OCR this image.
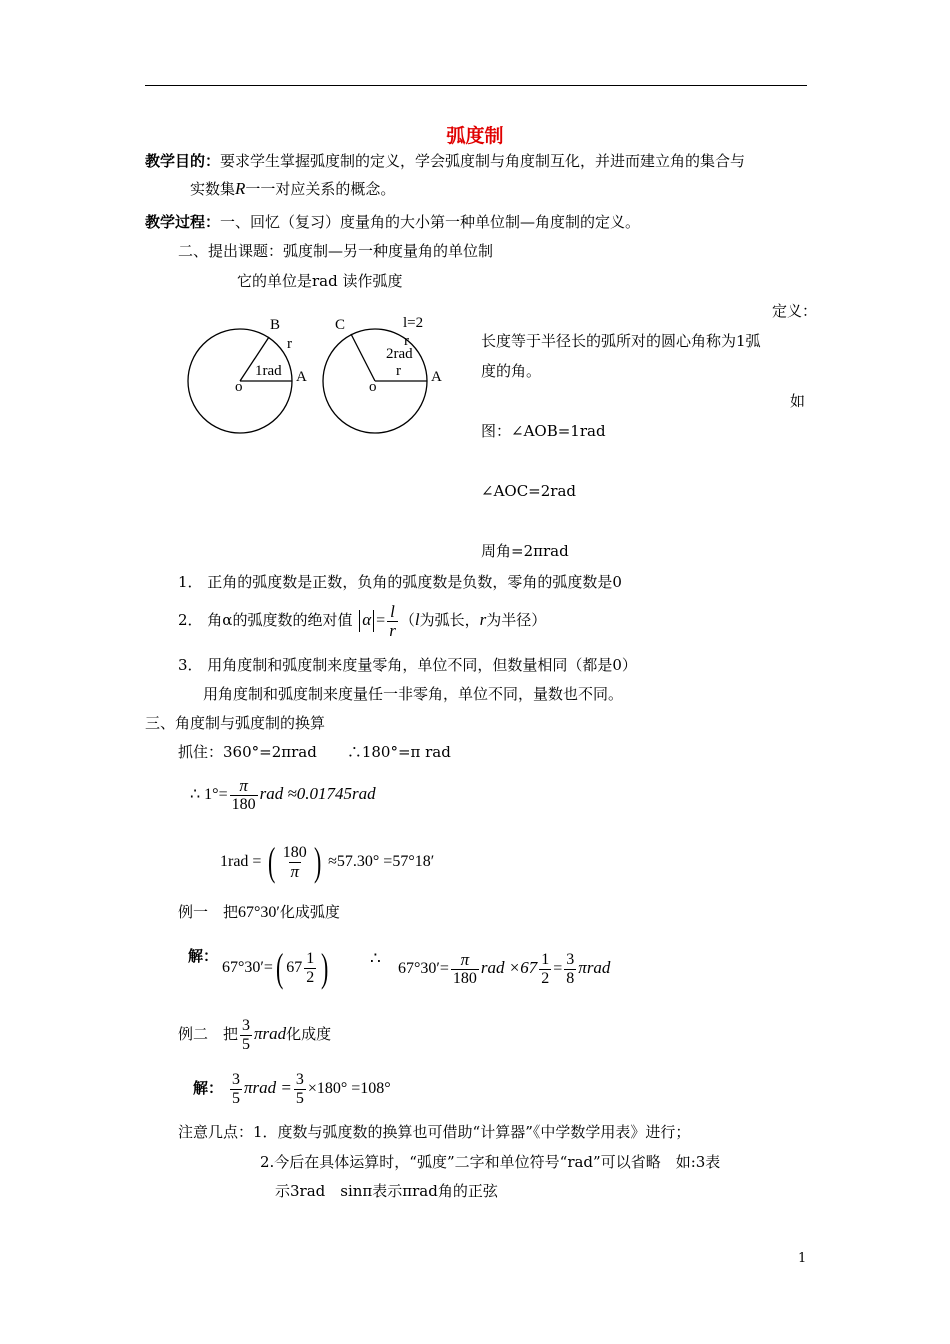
弧度制
教学目的：要求学生掌握弧度制的定义，学会弧度制与角度制互化，并进而建立角的集合与
实数集R一一对应关系的概念。
教学过程：一、回忆（复习）度量角的大小第一种单位制—角度制的定义。
二、提出课题：弧度制—另一种度量角的单位制
它的单位是rad 读作弧度
B
r
1rad
o
A
C	l=2
r
2rad
r
o
A
定义：
长度等于半径长的弧所对的圆心角称为1弧
度的角。
如
图：∠AOB=1rad
∠AOC=2rad
周角=2πrad
1． 正角的弧度数是正数，负角的弧度数是负数，零角的弧度数是0
2． 角α的弧度数的绝对值 $\alpha = \frac{l}{r} (l$为弧长，r为半径）
3． 用角度制和弧度制来度量零角，单位不同，但数量相同（都是0）
用角度制和弧度制来度量任一非零角，单位不同，量数也不同。
三、角度制与弧度制的换算
抓住：360°=2πrad　　∴180°=π rad
∴ $1^\circ= \frac{\pi}{180}$ rad ≈0.01745rad
1rad = ( $\frac{180}{\pi}$ ) ≈57.30° =57°18′
例一　把67°30′化成弧度
解：
67°30′=( $67 \frac{1}{2}$ ) ∴ $67^\circ 30'= \frac{\pi}{180}$ rad $\times 67 \frac{1}{2} = \frac{3}{8}$ πrad
例二　把 $\frac{3}{5}$ πrad化成度
解： $\frac{3}{5}$ $\pi rad = \frac{3}{5} \times 180^\circ =108^\circ$
注意几点：1．度数与弧度数的换算也可借助“计算器”《中学数学用表》进行；
2.今后在具体运算时，“弧度”二字和单位符号“rad”可以省略　如:3表
示3rad　sinπ表示πrad角的正弦
1
